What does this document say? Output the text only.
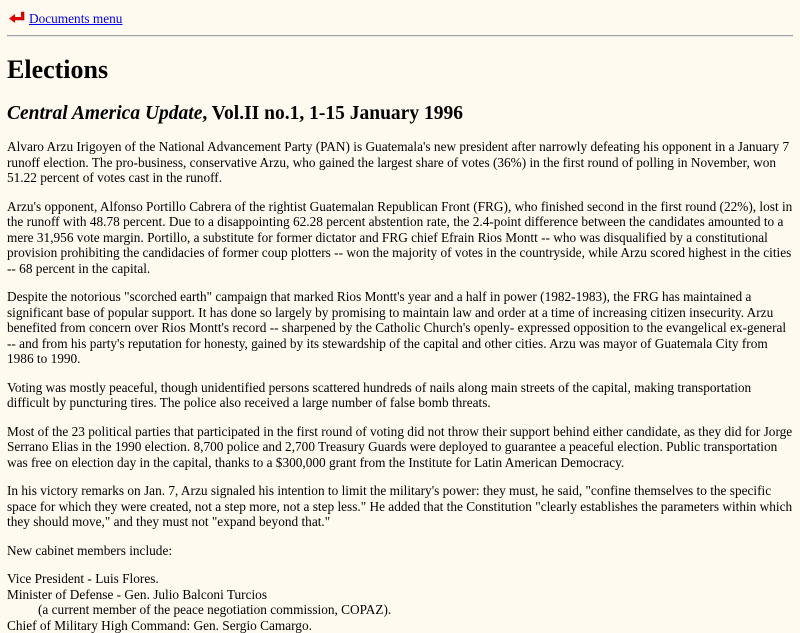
Documents menu
Elections
Central America Update, Vol.II no.1, 1-15 January 1996

Alvaro Arzu Irigoyen of the National Advancement Party (PAN) is Guatemala's new president after narrowly defeating his opponent in a January 7 runoff election. The pro-business, conservative Arzu, who gained the largest share of votes (36%) in the first round of polling in November, won 51.22 percent of votes cast in the runoff.

Arzu's opponent, Alfonso Portillo Cabrera of the rightist Guatemalan Republican Front (FRG), who finished second in the first round (22%), lost in the runoff with 48.78 percent. Due to a disappointing 62.28 percent abstention rate, the 2.4-point difference between the candidates amounted to a mere 31,956 vote margin. Portillo, a substitute for former dictator and FRG chief Efrain Rios Montt -- who was disqualified by a constitutional provision prohibiting the candidacies of former coup plotters -- won the majority of votes in the countryside, while Arzu scored highest in the cities -- 68 percent in the capital.

Despite the notorious "scorched earth" campaign that marked Rios Montt's year and a half in power (1982-1983), the FRG has maintained a significant base of popular support. It has done so largely by promising to maintain law and order at a time of increasing citizen insecurity. Arzu benefited from concern over Rios Montt's record -- sharpened by the Catholic Church's openly- expressed opposition to the evangelical ex-general -- and from his party's reputation for honesty, gained by its stewardship of the capital and other cities. Arzu was mayor of Guatemala City from 1986 to 1990.

Voting was mostly peaceful, though unidentified persons scattered hundreds of nails along main streets of the capital, making transportation difficult by puncturing tires. The police also received a large number of false bomb threats.

Most of the 23 political parties that participated in the first round of voting did not throw their support behind either candidate, as they did for Jorge Serrano Elias in the 1990 election. 8,700 police and 2,700 Treasury Guards were deployed to guarantee a peaceful election. Public transportation was free on election day in the capital, thanks to a $300,000 grant from the Institute for Latin American Democracy.

In his victory remarks on Jan. 7, Arzu signaled his intention to limit the military's power: they must, he said, "confine themselves to the specific space for which they were created, not a step more, not a step less." He added that the Constitution "clearly establishes the parameters within which they should move," and they must not "expand beyond that."

New cabinet members include:

Vice President - Luis Flores.
Minister of Defense - Gen. Julio Balconi Turcios
(a current member of the peace negotiation commission, COPAZ).
Chief of Military High Command: Gen. Sergio Camargo.
